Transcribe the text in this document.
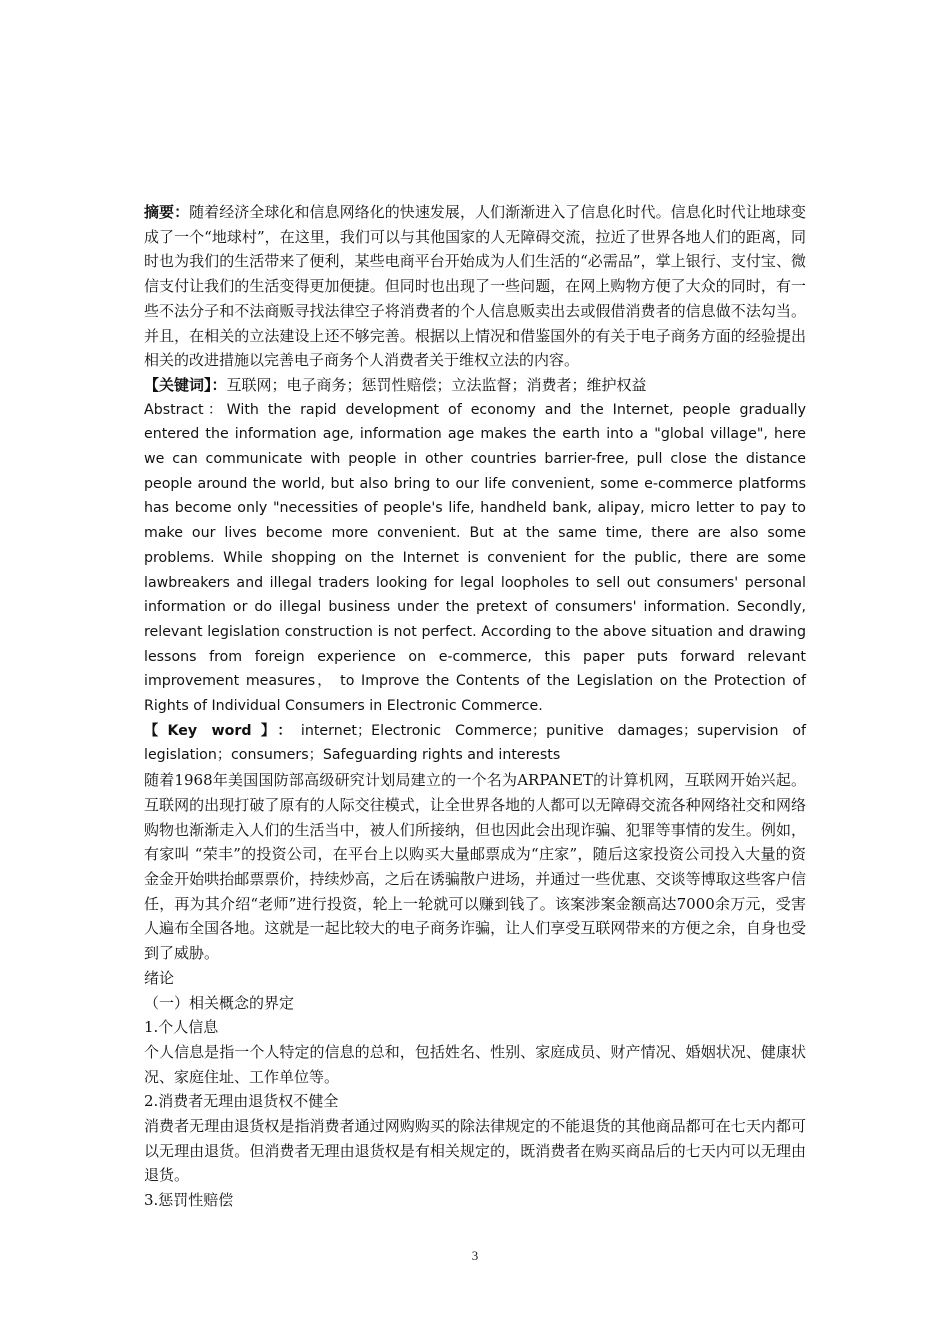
摘要：随着经济全球化和信息网络化的快速发展，人们渐渐进入了信息化时代。信息化时代让地球变成了一个“地球村”，在这里，我们可以与其他国家的人无障碍交流，拉近了世界各地人们的距离，同时也为我们的生活带来了便利，某些电商平台开始成为人们生活的“必需品”，掌上银行、支付宝、微信支付让我们的生活变得更加便捷。但同时也出现了一些问题，在网上购物方便了大众的同时，有一些不法分子和不法商贩寻找法律空子将消费者的个人信息贩卖出去或假借消费者的信息做不法勾当。并且，在相关的立法建设上还不够完善。根据以上情况和借鉴国外的有关于电子商务方面的经验提出相关的改进措施以完善电子商务个人消费者关于维权立法的内容。

【关键词】：互联网；电子商务；惩罚性赔偿；立法监督；消费者；维护权益

Abstract：With the rapid development of economy and the Internet, people gradually entered the information age, information age makes the earth into a "global village", here we can communicate with people in other countries barrier-free, pull close the distance people around the world, but also bring to our life convenient, some e-commerce platforms has become only "necessities of people's life, handheld bank, alipay, micro letter to pay to make our lives become more convenient. But at the same time, there are also some problems. While shopping on the Internet is convenient for the public, there are some lawbreakers and illegal traders looking for legal loopholes to sell out consumers' personal information or do illegal business under the pretext of consumers' information. Secondly, relevant legislation construction is not perfect. According to the above situation and drawing lessons from foreign experience on e-commerce, this paper puts forward relevant improvement measures， to Improve the Contents of the Legislation on the Protection of Rights of Individual Consumers in Electronic Commerce.

【Key word】：internet；Electronic Commerce；punitive damages；supervision of legislation；consumers；Safeguarding rights and interests

随着1968年美国国防部高级研究计划局建立的一个名为ARPANET的计算机网，互联网开始兴起。互联网的出现打破了原有的人际交往模式，让全世界各地的人都可以无障碍交流各种网络社交和网络购物也渐渐走入人们的生活当中，被人们所接纳，但也因此会出现诈骗、犯罪等事情的发生。例如，有家叫 “荣丰”的投资公司，在平台上以购买大量邮票成为“庄家”，随后这家投资公司投入大量的资金金开始哄抬邮票票价，持续炒高，之后在诱骗散户进场，并通过一些优惠、交谈等博取这些客户信任，再为其介绍“老师”进行投资，轮上一轮就可以赚到钱了。该案涉案金额高达7000余万元，受害人遍布全国各地。这就是一起比较大的电子商务诈骗，让人们享受互联网带来的方便之余，自身也受到了威胁。

绪论

（一）相关概念的界定

1.个人信息

个人信息是指一个人特定的信息的总和，包括姓名、性别、家庭成员、财产情况、婚姻状况、健康状况、家庭住址、工作单位等。

2.消费者无理由退货权不健全

消费者无理由退货权是指消费者通过网购购买的除法律规定的不能退货的其他商品都可在七天内都可以无理由退货。但消费者无理由退货权是有相关规定的，既消费者在购买商品后的七天内可以无理由退货。

3.惩罚性赔偿

3
